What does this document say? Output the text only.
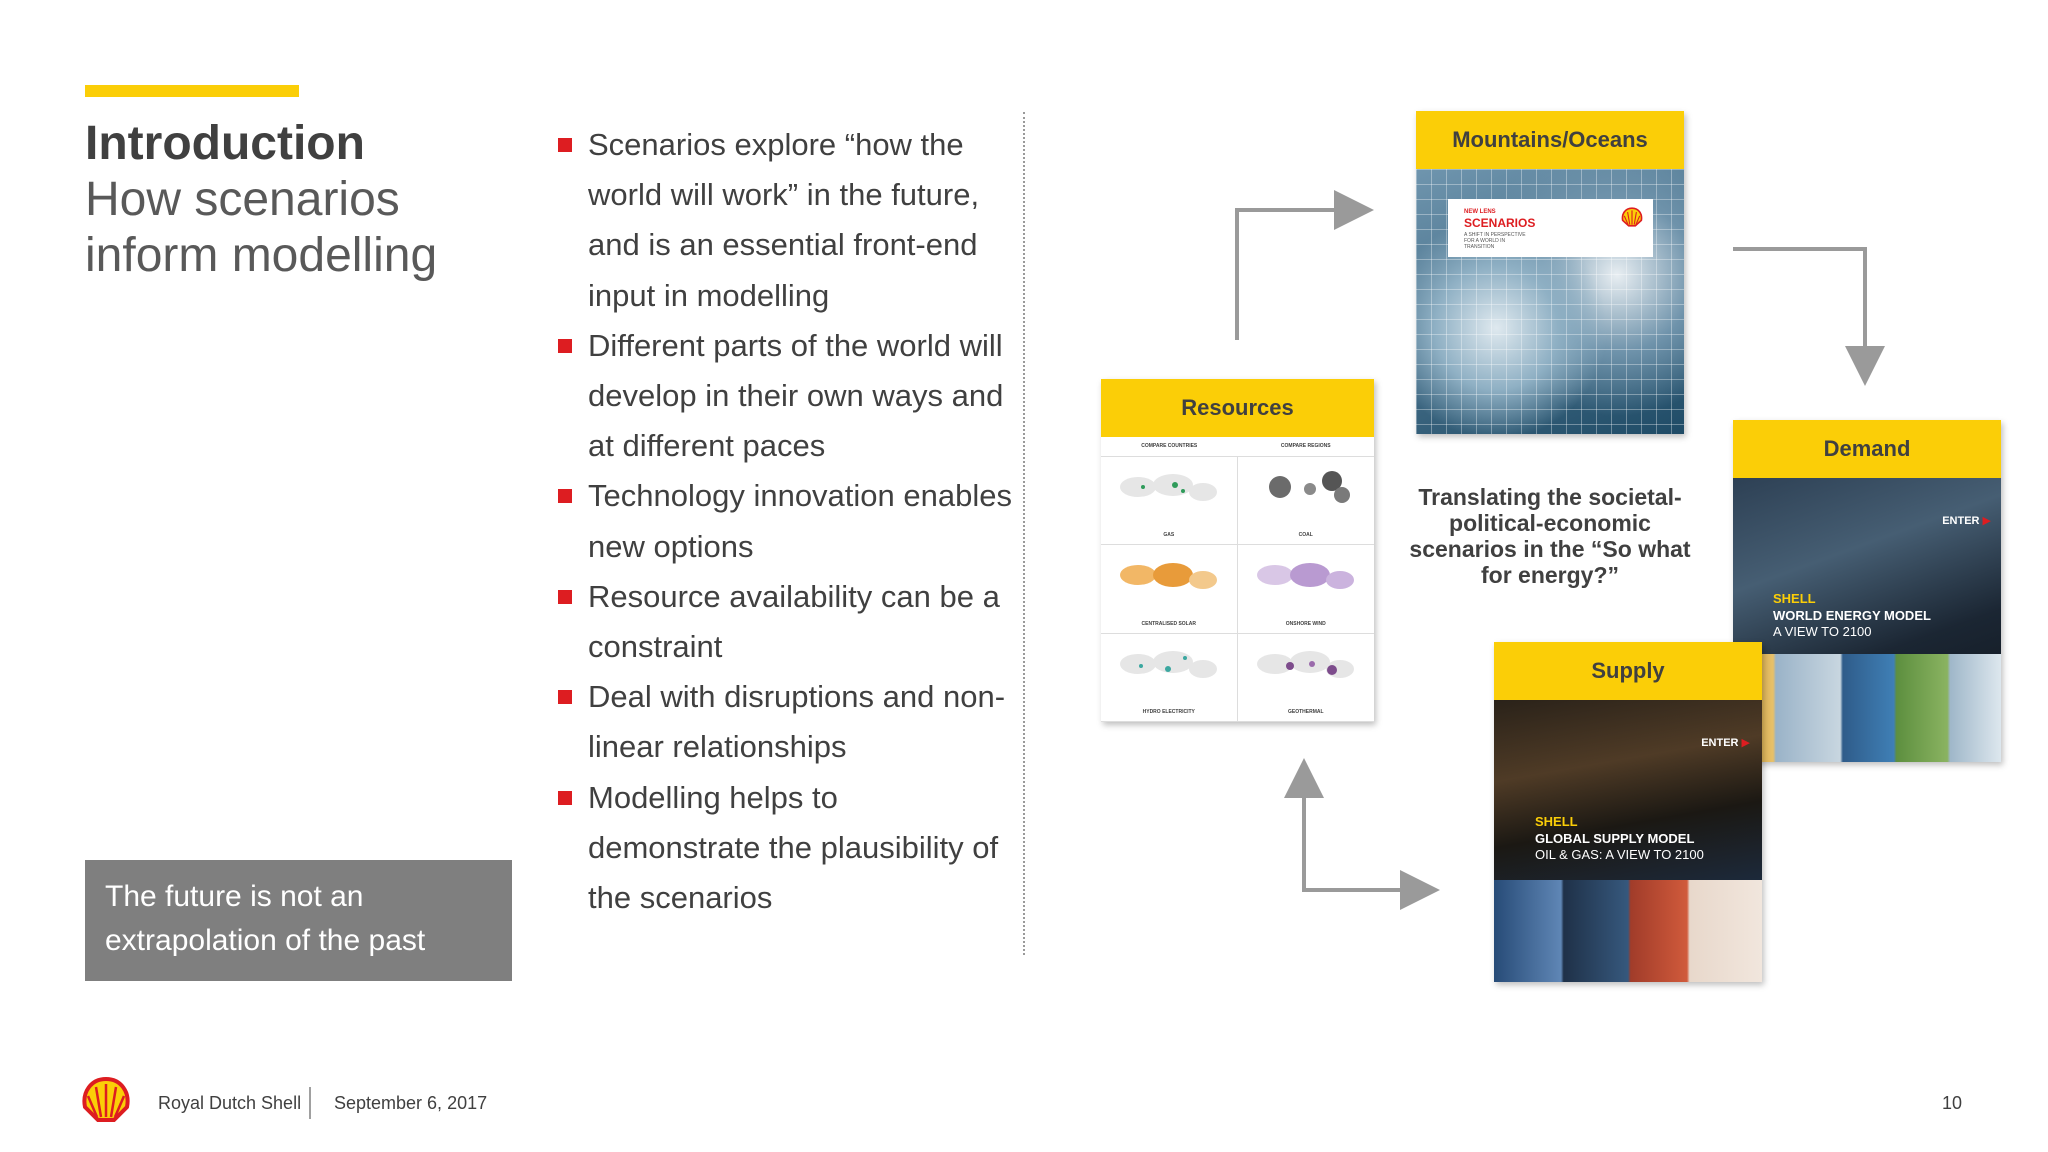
Introduction
How scenarios inform modelling
The future is not an extrapolation of the past
Scenarios explore “how the world will work” in the future, and is an essential front-end input in modelling
Different parts of the world will develop in their own ways and at different paces
Technology innovation enables new options
Resource availability can be a constraint
Deal with disruptions and non-linear relationships
Modelling helps to demonstrate the plausibility of the scenarios
Mountains/Oceans
NEW LENS
SCENARIOS
A SHIFT IN PERSPECTIVE FOR A WORLD IN TRANSITION
Resources
COMPARE COUNTRIES	COMPARE REGIONS
GAS	COAL
CENTRALISED SOLAR	ONSHORE WIND
HYDRO ELECTRICITY	GEOTHERMAL
Translating the societal-political-economic scenarios in the “So what for energy?”
Demand
ENTER ▶
SHELL
WORLD ENERGY MODEL
A VIEW TO 2100
Supply
ENTER ▶
SHELL
GLOBAL SUPPLY MODEL
OIL & GAS: A VIEW TO 2100
Royal Dutch Shell September 6, 2017	10
